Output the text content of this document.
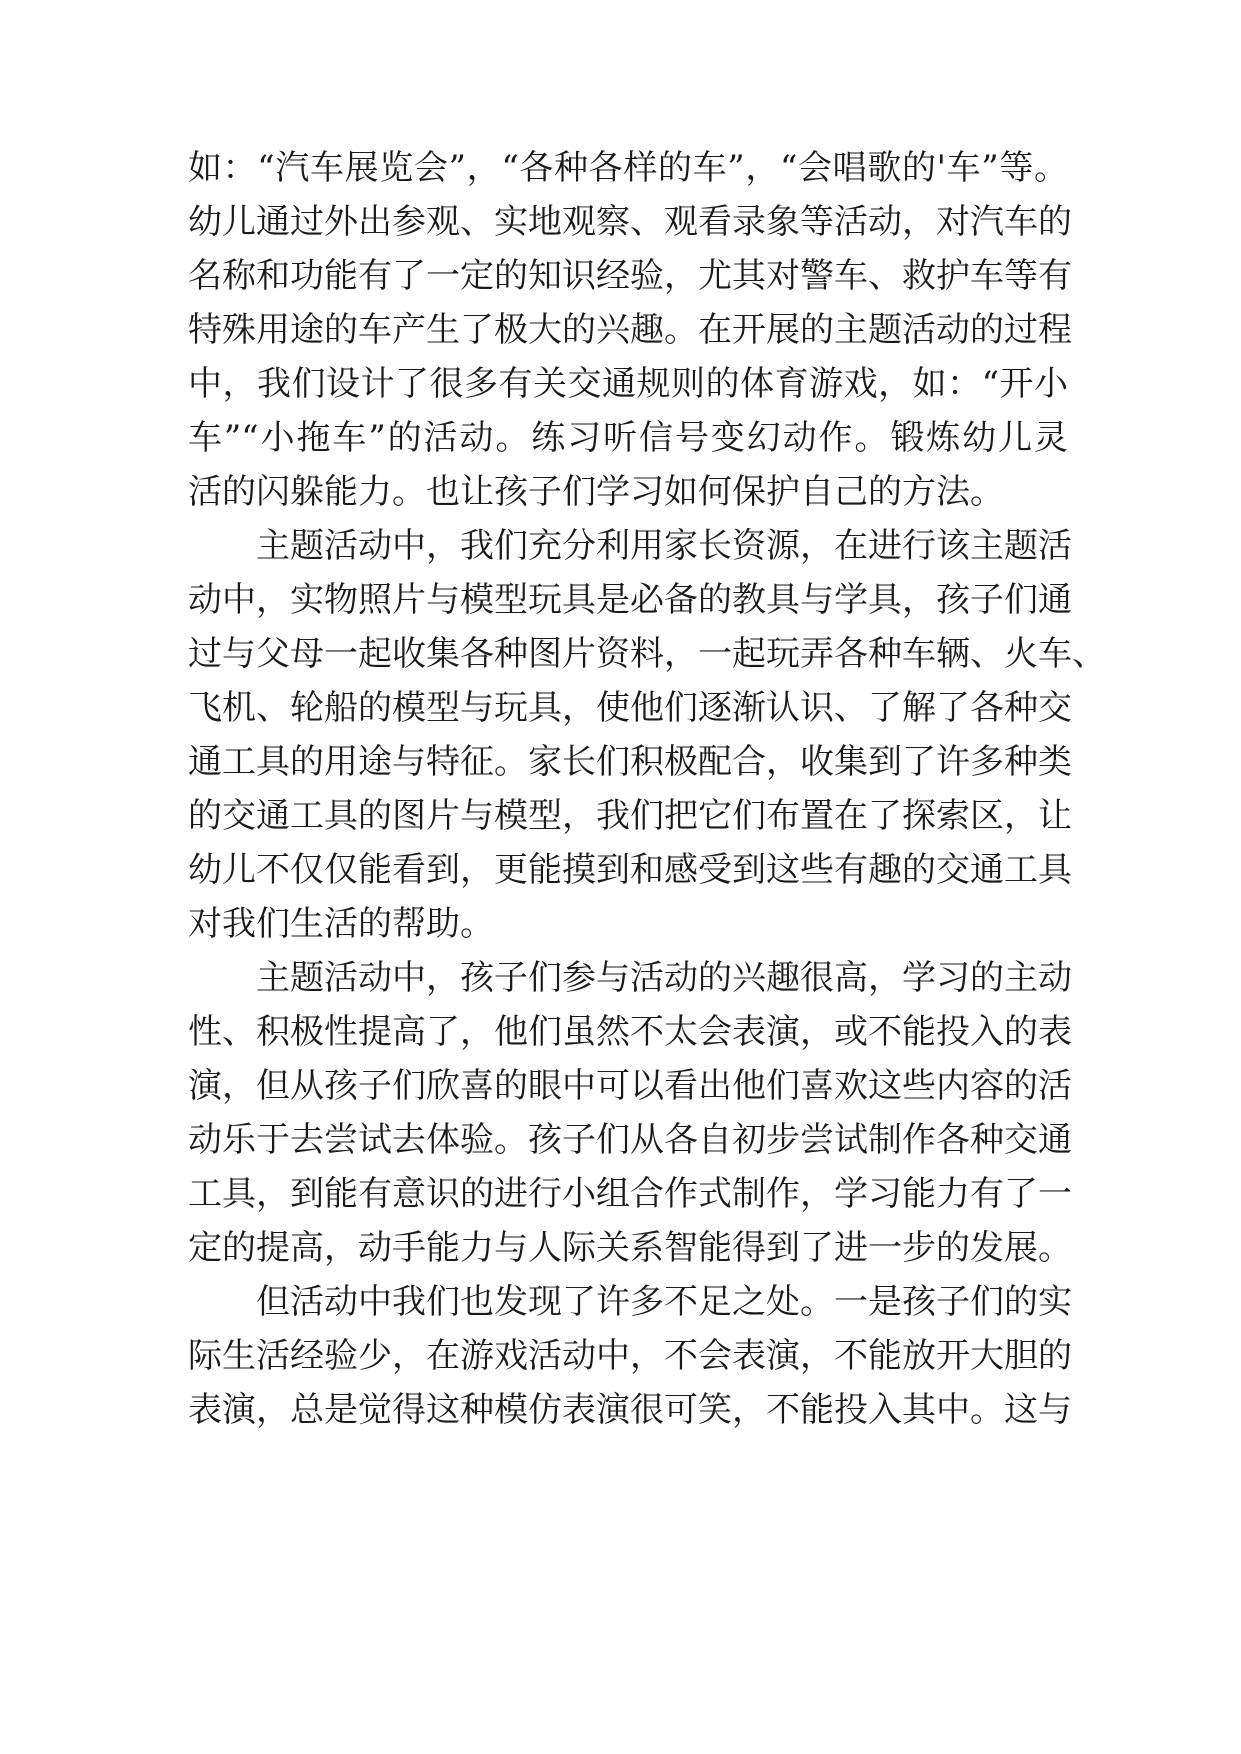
如：“汽车展览会”，“各种各样的车”，“会唱歌的'车”等。
幼儿通过外出参观、实地观察、观看录象等活动，对汽车的
名称和功能有了一定的知识经验，尤其对警车、救护车等有
特殊用途的车产生了极大的兴趣。在开展的主题活动的过程
中，我们设计了很多有关交通规则的体育游戏，如：“开小
车”“小拖车”的活动。练习听信号变幻动作。锻炼幼儿灵
活的闪躲能力。也让孩子们学习如何保护自己的方法。
主题活动中，我们充分利用家长资源，在进行该主题活
动中，实物照片与模型玩具是必备的教具与学具，孩子们通
过与父母一起收集各种图片资料，一起玩弄各种车辆、火车、
飞机、轮船的模型与玩具，使他们逐渐认识、了解了各种交
通工具的用途与特征。家长们积极配合，收集到了许多种类
的交通工具的图片与模型，我们把它们布置在了探索区，让
幼儿不仅仅能看到，更能摸到和感受到这些有趣的交通工具
对我们生活的帮助。
主题活动中，孩子们参与活动的兴趣很高，学习的主动
性、积极性提高了，他们虽然不太会表演，或不能投入的表
演，但从孩子们欣喜的眼中可以看出他们喜欢这些内容的活
动乐于去尝试去体验。孩子们从各自初步尝试制作各种交通
工具，到能有意识的进行小组合作式制作，学习能力有了一
定的提高，动手能力与人际关系智能得到了进一步的发展。
但活动中我们也发现了许多不足之处。一是孩子们的实
际生活经验少，在游戏活动中，不会表演，不能放开大胆的
表演，总是觉得这种模仿表演很可笑，不能投入其中。这与
